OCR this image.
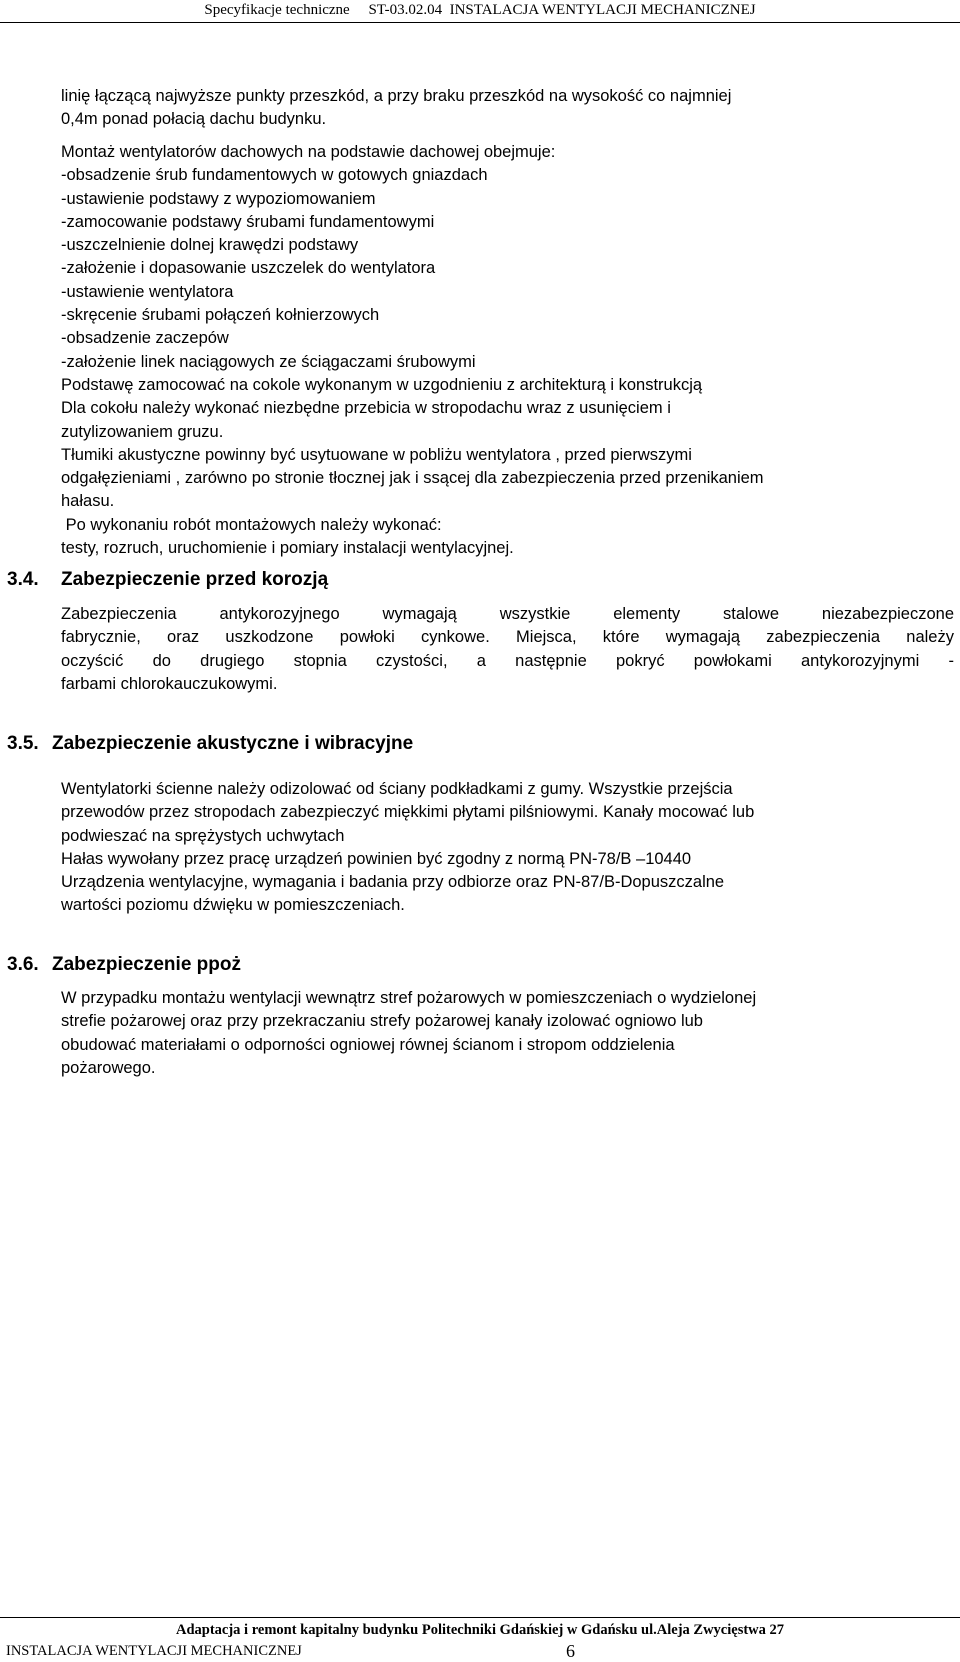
Specyfikacje techniczne     ST-03.02.04  INSTALACJA WENTYLACJI MECHANICZNEJ
linię łączącą najwyższe punkty przeszkód, a przy braku przeszkód na wysokość co najmniej
0,4m ponad połacią dachu budynku.
Montaż wentylatorów dachowych na podstawie dachowej obejmuje:
-obsadzenie śrub fundamentowych w gotowych gniazdach
-ustawienie podstawy z wypoziomowaniem
-zamocowanie podstawy śrubami fundamentowymi
-uszczelnienie dolnej krawędzi podstawy
-założenie i dopasowanie uszczelek do wentylatora
-ustawienie wentylatora
-skręcenie śrubami połączeń kołnierzowych
-obsadzenie zaczepów
-założenie linek naciągowych ze ściągaczami śrubowymi
Podstawę zamocować na cokole wykonanym w uzgodnieniu z architekturą i konstrukcją
Dla cokołu należy wykonać niezbędne przebicia w stropodachu wraz z usunięciem i
zutylizowaniem gruzu.
Tłumiki akustyczne powinny być usytuowane w pobliżu wentylatora , przed pierwszymi
odgałęzieniami , zarówno po stronie tłocznej jak i ssącej dla zabezpieczenia przed przenikaniem
hałasu.
Po wykonaniu robót montażowych należy wykonać:
testy, rozruch, uruchomienie i pomiary instalacji wentylacyjnej.
3.4. Zabezpieczenie przed korozją
Zabezpieczenia antykorozyjnego wymagają wszystkie elementy stalowe niezabezpieczone
fabrycznie, oraz uszkodzone powłoki cynkowe. Miejsca, które wymagają zabezpieczenia należy
oczyścić do drugiego stopnia czystości, a następnie pokryć powłokami antykorozyjnymi -
farbami chlorokauczukowymi.
3.5. Zabezpieczenie akustyczne i wibracyjne
Wentylatorki ścienne należy odizolować od ściany podkładkami z gumy. Wszystkie przejścia
przewodów przez stropodach zabezpieczyć miękkimi płytami pilśniowymi. Kanały mocować lub
podwieszać na sprężystych uchwytach
Hałas wywołany przez pracę urządzeń powinien być zgodny z normą PN-78/B –10440
Urządzenia wentylacyjne, wymagania i badania przy odbiorze oraz PN-87/B-Dopuszczalne
wartości poziomu dźwięku w pomieszczeniach.
3.6. Zabezpieczenie ppoż
W przypadku montażu wentylacji wewnątrz stref pożarowych w pomieszczeniach o wydzielonej
strefie pożarowej oraz przy przekraczaniu strefy pożarowej kanały izolować ogniowo lub
obudować materiałami o odporności ogniowej równej ścianom i stropom oddzielenia
pożarowego.
Adaptacja i remont kapitalny budynku Politechniki Gdańskiej w Gdańsku ul.Aleja Zwycięstwa 27
INSTALACJA WENTYLACJI MECHANICZNEJ	6
